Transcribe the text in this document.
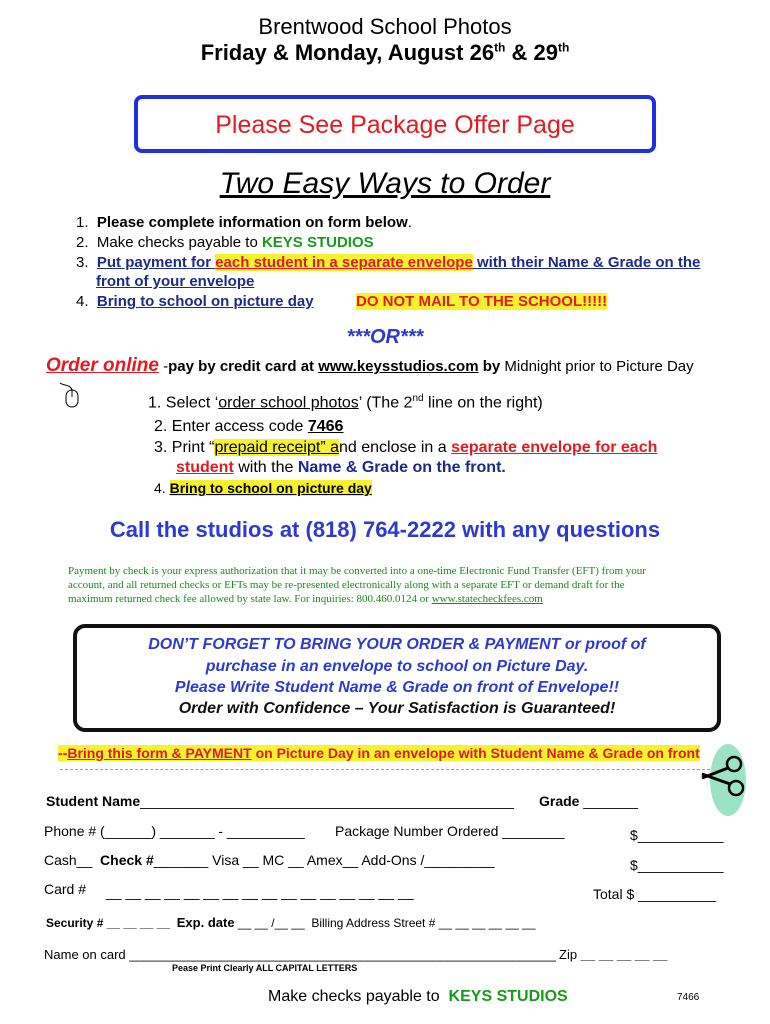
Brentwood School Photos
Friday & Monday, August 26th & 29th
Please See Package Offer Page
Two Easy Ways to Order
1. Please complete information on form below.
2. Make checks payable to KEYS STUDIOS
3. Put payment for each student in a separate envelope with their Name & Grade on the
front of your envelope
4. Bring to school on picture day	DO NOT MAIL TO THE SCHOOL!!!!!
***OR***
Order online -pay by credit card at www.keysstudios.com by Midnight prior to Picture Day
1. Select ‘order school photos’ (The 2nd line on the right)
2. Enter access code 7466
3. Print “prepaid receipt” and enclose in a separate envelope for each
student with the Name & Grade on the front.
4. Bring to school on picture day
Call the studios at (818) 764-2222 with any questions
Payment by check is your express authorization that it may be converted into a one-time Electronic Fund Transfer (EFT) from your
account, and all returned checks or EFTs may be re-presented electronically along with a separate EFT or demand draft for the
maximum returned check fee allowed by state law. For inquiries: 800.460.0124 or www.statecheckfees.com
DON’T FORGET TO BRING YOUR ORDER & PAYMENT or proof of
purchase in an envelope to school on Picture Day.
Please Write Student Name & Grade on front of Envelope!!
Order with Confidence – Your Satisfaction is Guaranteed!
--Bring this form & PAYMENT on Picture Day in an envelope with Student Name & Grade on front
Student Name________________________________________________ Grade _______
Phone # (______) _______ - __________ Package Number Ordered ________	$___________
Cash__ Check #_______ Visa __ MC __ Amex__ Add-Ons /_________	$___________
Card # __ __ __ __ __ __ __ __ __ __ __ __ __ __ __ __	Total $ __________
Security # __ __ __ __ Exp. date __ __ /__ __  Billing Address Street # __ __ __ __ __ __
Name on card ___________________________________________________________ Zip __ __ __ __ __
Pease Print Clearly ALL CAPITAL LETTERS
Make checks payable to  KEYS STUDIOS	7466
